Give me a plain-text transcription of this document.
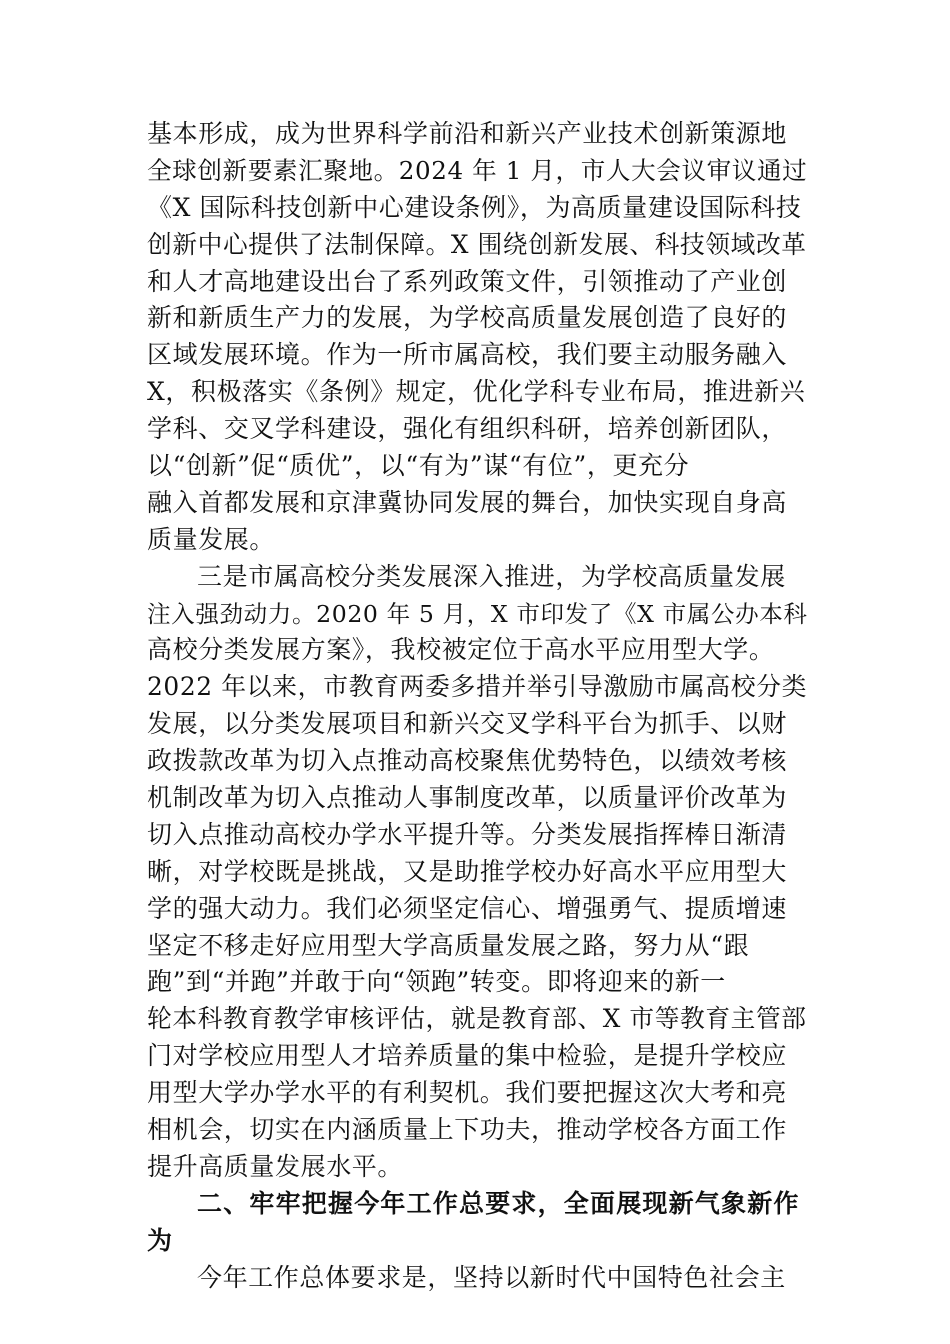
基本形成，成为世界科学前沿和新兴产业技术创新策源地
全球创新要素汇聚地。2024 年 1 月，市人大会议审议通过
《X 国际科技创新中心建设条例》，为高质量建设国际科技
创新中心提供了法制保障。X 围绕创新发展、科技领域改革
和人才高地建设出台了系列政策文件，引领推动了产业创
新和新质生产力的发展，为学校高质量发展创造了良好的
区域发展环境。作为一所市属高校，我们要主动服务融入
X，积极落实《条例》规定，优化学科专业布局，推进新兴
学科、交叉学科建设，强化有组织科研，培养创新团队，
以“创新”促“质优”，以“有为”谋“有位”，更充分
融入首都发展和京津冀协同发展的舞台，加快实现自身高
质量发展。
三是市属高校分类发展深入推进，为学校高质量发展
注入强劲动力。2020 年 5 月，X 市印发了《X 市属公办本科
高校分类发展方案》，我校被定位于高水平应用型大学。
2022 年以来，市教育两委多措并举引导激励市属高校分类
发展，以分类发展项目和新兴交叉学科平台为抓手、以财
政拨款改革为切入点推动高校聚焦优势特色，以绩效考核
机制改革为切入点推动人事制度改革，以质量评价改革为
切入点推动高校办学水平提升等。分类发展指挥棒日渐清
晰，对学校既是挑战，又是助推学校办好高水平应用型大
学的强大动力。我们必须坚定信心、增强勇气、提质增速
坚定不移走好应用型大学高质量发展之路，努力从“跟
跑”到“并跑”并敢于向“领跑”转变。即将迎来的新一
轮本科教育教学审核评估，就是教育部、X 市等教育主管部
门对学校应用型人才培养质量的集中检验，是提升学校应
用型大学办学水平的有利契机。我们要把握这次大考和亮
相机会，切实在内涵质量上下功夫，推动学校各方面工作
提升高质量发展水平。
二、牢牢把握今年工作总要求，全面展现新气象新作
为
今年工作总体要求是，坚持以新时代中国特色社会主
